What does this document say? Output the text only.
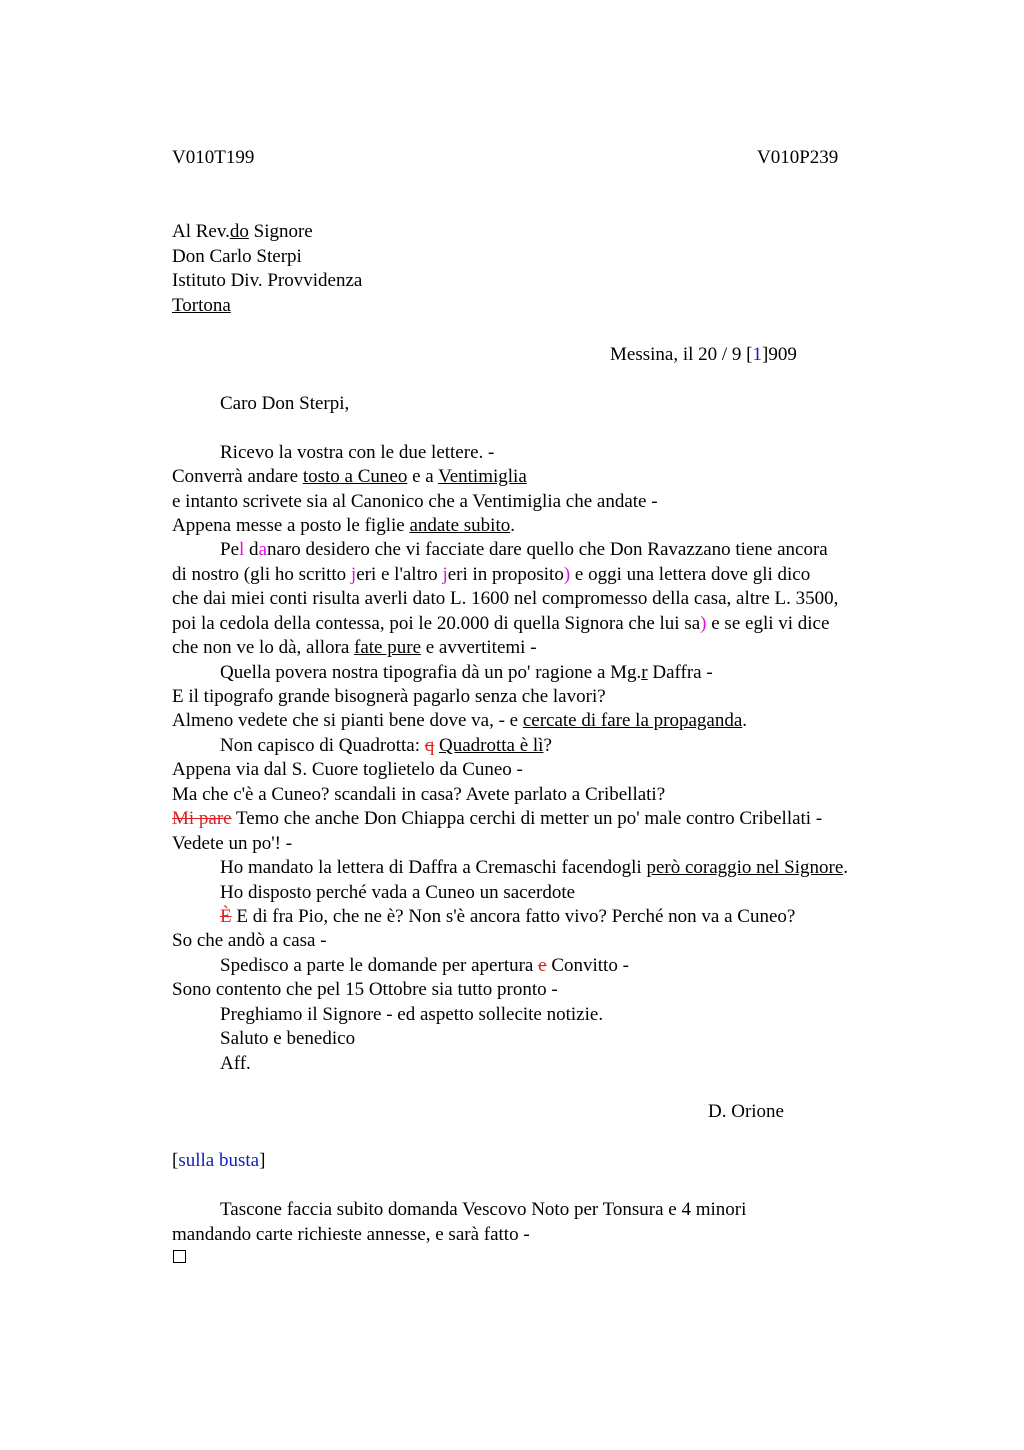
V010T199	V010P239
Al Rev.do Signore
Don Carlo Sterpi
Istituto Div. Provvidenza
Tortona
Messina, il 20 / 9 [1]909
Caro Don Sterpi,
Ricevo la vostra con le due lettere. -
Converrà andare tosto a Cuneo e a Ventimiglia
e intanto scrivete sia al Canonico che a Ventimiglia che andate -
Appena messe a posto le figlie andate subito.
Pel danaro desidero che vi facciate dare quello che Don Ravazzano tiene ancora
di nostro (gli ho scritto jeri e l'altro jeri in proposito) e oggi una lettera dove gli dico
che dai miei conti risulta averli dato L. 1600 nel compromesso della casa, altre L. 3500,
poi la cedola della contessa, poi le 20.000 di quella Signora che lui sa) e se egli vi dice
che non ve lo dà, allora fate pure e avvertitemi -
Quella povera nostra tipografia dà un po' ragione a Mg.r Daffra -
E il tipografo grande bisognerà pagarlo senza che lavori?
Almeno vedete che si pianti bene dove va, - e cercate di fare la propaganda.
Non capisco di Quadrotta: q Quadrotta è lì?
Appena via dal S. Cuore toglietelo da Cuneo -
Ma che c'è a Cuneo? scandali in casa? Avete parlato a Cribellati?
Mi pare Temo che anche Don Chiappa cerchi di metter un po' male contro Cribellati -
Vedete un po'! -
Ho mandato la lettera di Daffra a Cremaschi facendogli però coraggio nel Signore.
Ho disposto perché vada a Cuneo un sacerdote
È E di fra Pio, che ne è? Non s'è ancora fatto vivo? Perché non va a Cuneo?
So che andò a casa -
Spedisco a parte le domande per apertura e Convitto -
Sono contento che pel 15 Ottobre sia tutto pronto -
Preghiamo il Signore - ed aspetto sollecite notizie.
Saluto e benedico
Aff.
D. Orione
[sulla busta]
Tascone faccia subito domanda Vescovo Noto per Tonsura e 4 minori
mandando carte richieste annesse, e sarà fatto -
